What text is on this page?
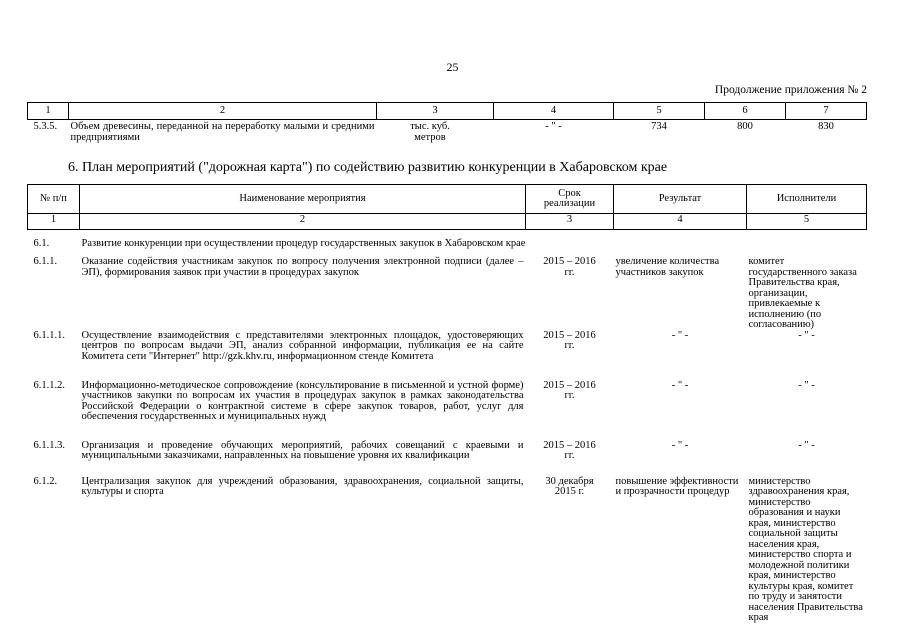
25
Продолжение приложения № 2
1	2	3	4	5	6	7
5.3.5.	Объем древесины, переданной на переработку малыми и средними предприятиями	тыс. куб. метров	- " -	734	800	830
6. План мероприятий ("дорожная карта") по содействию развитию конкуренции в Хабаровском крае
№ п/п	Наименование мероприятия	Срок реализации	Результат	Исполнители
1	2	3	4	5
6.1.	Развитие конкуренции при осуществлении процедур государственных закупок в Хабаровском крае			
6.1.1.	Оказание содействия участникам закупок по вопросу получения электронной подписи (далее – ЭП), формирования заявок при участии в процедурах закупок	2015 – 2016 гг.	увеличение количества участников закупок	комитет государственного заказа Правительства края, организации, привлекаемые к исполнению (по согласованию)
6.1.1.1.	Осуществление взаимодействия с представителями электронных площадок, удостоверяющих центров по вопросам выдачи ЭП, анализ собранной информации, публикация ее на сайте Комитета сети "Интернет" http://gzk.khv.ru, информационном стенде Комитета	2015 – 2016 гг.	- " -	- " -
6.1.1.2.	Информационно-методическое сопровождение (консультирование в письменной и устной форме) участников закупки по вопросам их участия в процедурах закупок в рамках законодательства Российской Федерации о контрактной системе в сфере закупок товаров, работ, услуг для обеспечения государственных и муниципальных нужд	2015 – 2016 гг.	- " -	- " -
6.1.1.3.	Организация и проведение обучающих мероприятий, рабочих совещаний с краевыми и муниципальными заказчиками, направленных на повышение уровня их квалификации	2015 – 2016 гг.	- " -	- " -
6.1.2.	Централизация закупок для учреждений образования, здравоохранения, социальной защиты, культуры и спорта	30 декабря 2015 г.	повышение эффективности и прозрачности процедур	министерство здравоохранения края, министерство образования и науки края, министерство социальной защиты населения края, министерство спорта и молодежной политики края, министерство культуры края, комитет по труду и занятости населения Правительства края
